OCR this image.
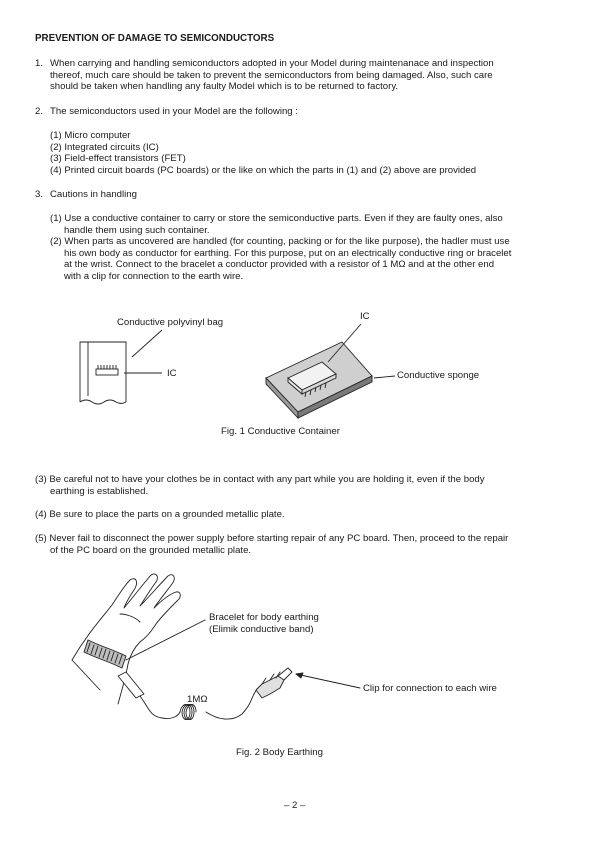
PREVENTION OF DAMAGE TO SEMICONDUCTORS
1. When carrying and handling semiconductors adopted in your Model during maintenanace and inspection
thereof, much care should be taken to prevent the semiconductors from being damaged. Also, such care
should be taken when handling any faulty Model which is to be returned to factory.
2. The semiconductors used in your Model are the following :
(1) Micro computer
(2) Integrated circuits (IC)
(3) Field-effect transistors (FET)
(4) Printed circuit boards (PC boards) or the like on which the parts in (1) and (2) above are provided
3. Cautions in handling
(1) Use a conductive container to carry or store the semiconductive parts. Even if they are faulty ones, also
handle them using such container.
(2) When parts as uncovered are handled (for counting, packing or for the like purpose), the hadler must use
his own body as conductor for earthing. For this purpose, put on an electrically conductive ring or bracelet
at the wrist. Connect to the bracelet a conductor provided with a resistor of 1 MΩ and at the other end
with a clip for connection to the earth wire.
Conductive polyvinyl bag
IC
IC
Conductive sponge
Fig. 1 Conductive Container
(3) Be careful not to have your clothes be in contact with any part while you are holding it, even if the body
earthing is established.
(4) Be sure to place the parts on a grounded metallic plate.
(5) Never fail to disconnect the power supply before starting repair of any PC board. Then, proceed to the repair
of the PC board on the grounded metallic plate.
Bracelet for body earthing
(Elimik conductive band)
Clip for connection to each wire
1MΩ
Fig. 2 Body Earthing
– 2 –
